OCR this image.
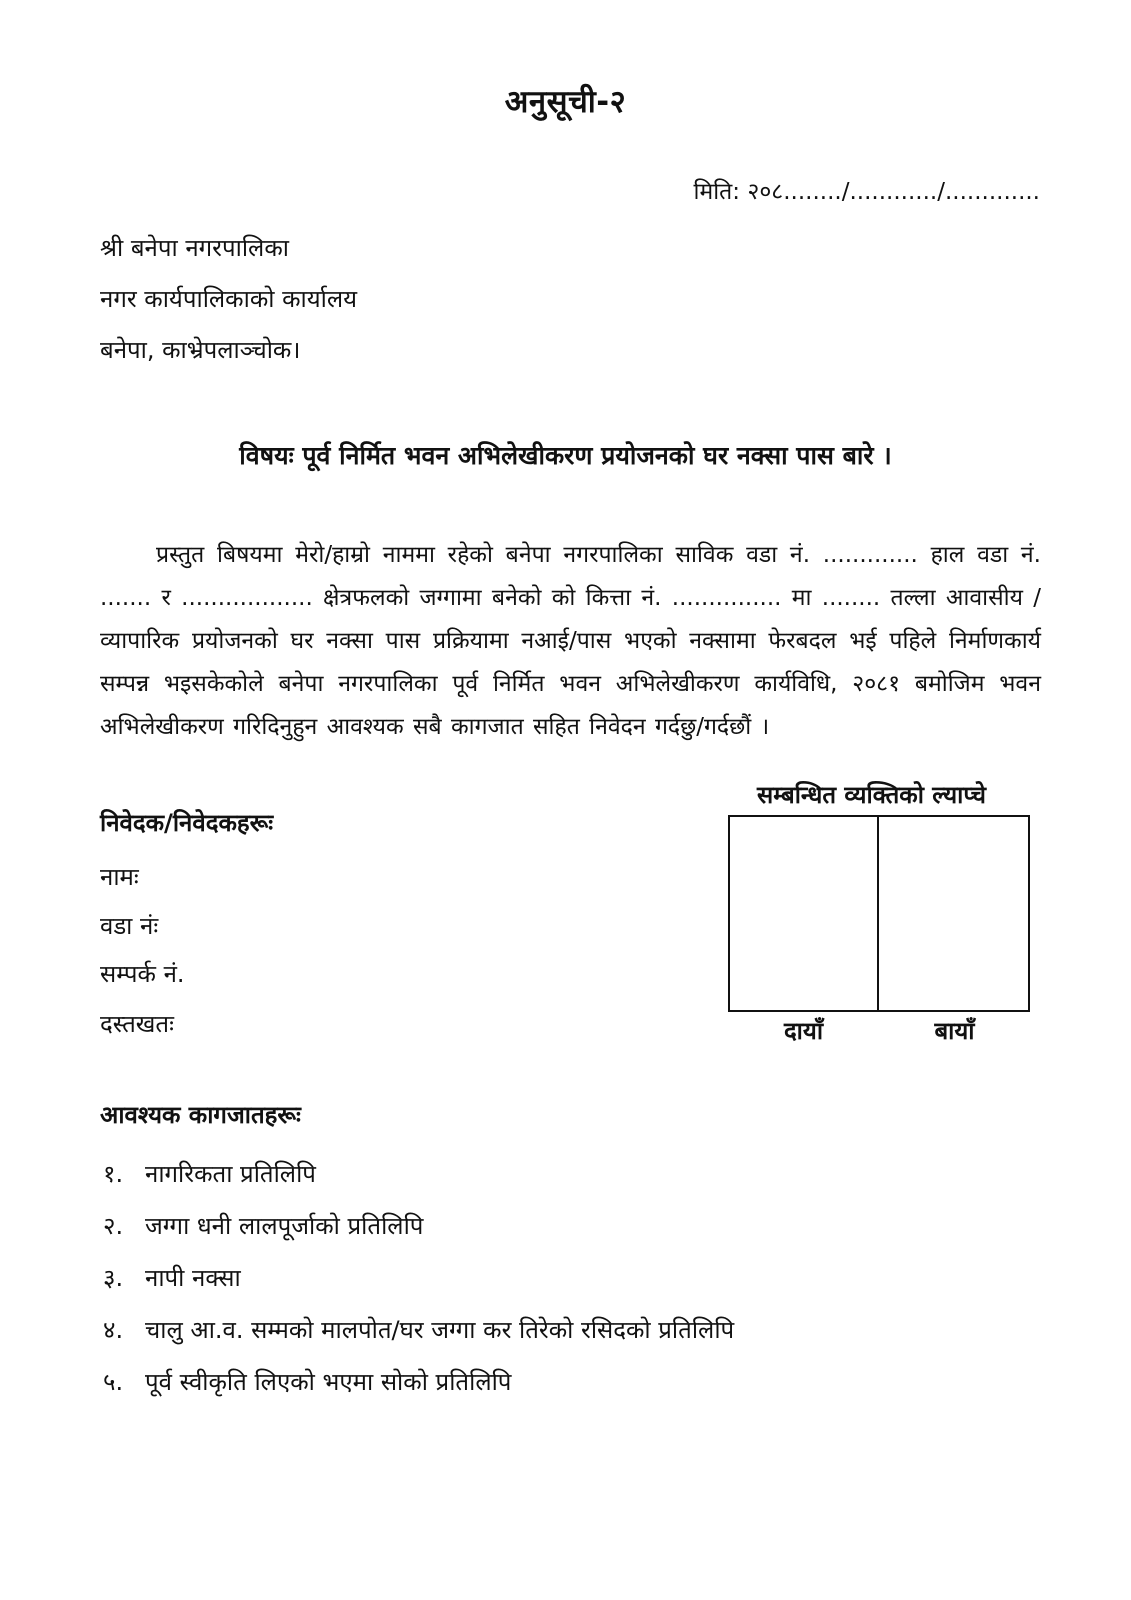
अनुसूची-२
मिति: २०८......../............/.............
श्री बनेपा नगरपालिका
नगर कार्यपालिकाको कार्यालय
बनेपा, काभ्रेपलाञ्चोक।
विषयः पूर्व निर्मित भवन अभिलेखीकरण प्रयोजनको घर नक्सा पास बारे ।

प्रस्तुत बिषयमा मेरो/हाम्रो नाममा रहेको बनेपा नगरपालिका साविक वडा नं. ............. हाल वडा नं. ....... र .................. क्षेत्रफलको जग्गामा बनेको को कित्ता नं. ............... मा ........ तल्ला आवासीय /व्यापारिक प्रयोजनको घर नक्सा पास प्रक्रियामा नआई/पास भएको नक्सामा फेरबदल भई पहिले निर्माणकार्य सम्पन्न भइसकेकोले बनेपा नगरपालिका पूर्व निर्मित भवन अभिलेखीकरण कार्यविधि, २०८१ बमोजिम भवन अभिलेखीकरण गरिदिनुहुन आवश्यक सबै कागजात सहित निवेदन गर्दछु/गर्दछौं ।

निवेदक/निवेदकहरूः
नामः
वडा नंः
सम्पर्क नं.
दस्तखतः
सम्बन्धित व्यक्तिको ल्याप्चे
दायाँ	बायाँ
आवश्यक कागजातहरूः
१. नागरिकता प्रतिलिपि
२. जग्गा धनी लालपूर्जाको प्रतिलिपि
३. नापी नक्सा
४. चालु आ.व. सम्मको मालपोत/घर जग्गा कर तिरेको रसिदको प्रतिलिपि
५. पूर्व स्वीकृति लिएको भएमा सोको प्रतिलिपि
